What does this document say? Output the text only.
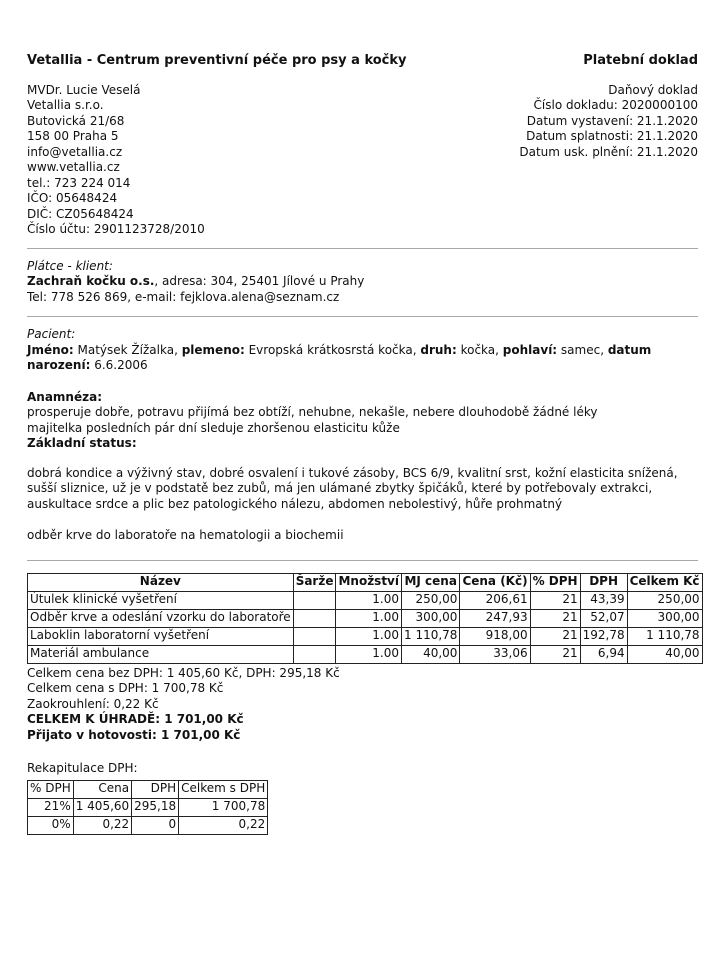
Vetallia - Centrum preventivní péče pro psy a kočky	Platební doklad
MVDr. Lucie Veselá
Vetallia s.r.o.
Butovická 21/68
158 00 Praha 5
info@vetallia.cz
www.vetallia.cz
tel.: 723 224 014
IČO: 05648424
DIČ: CZ05648424
Číslo účtu: 2901123728/2010
Daňový doklad
Číslo dokladu: 2020000100
Datum vystavení: 21.1.2020
Datum splatnosti: 21.1.2020
Datum usk. plnění: 21.1.2020
Plátce - klient:
Zachraň kočku o.s., adresa: 304, 25401 Jílové u Prahy
Tel: 778 526 869, e-mail: fejklova.alena@seznam.cz
Pacient:
Jméno: Matýsek Žížalka, plemeno: Evropská krátkosrstá kočka, druh: kočka, pohlaví: samec, datum narození: 6.6.2006
Anamnéza:
prosperuje dobře, potravu přijímá bez obtíží, nehubne, nekašle, nebere dlouhodobě žádné léky
majitelka posledních pár dní sleduje zhoršenou elasticitu kůže
Základní status:
dobrá kondice a výživný stav, dobré osvalení i tukové zásoby, BCS 6/9, kvalitní srst, kožní elasticita snížená, sušší sliznice, už je v podstatě bez zubů, má jen ulámané zbytky špičáků, které by potřebovaly extrakci, auskultace srdce a plic bez patologického nálezu, abdomen nebolestivý, hůře prohmatný
odběr krve do laboratoře na hematologii a biochemii
Název	Šarže	Množství	MJ cena	Cena (Kč)	% DPH	DPH	Celkem Kč
Útulek klinické vyšetření		1.00	250,00	206,61	21	43,39	250,00
Odběr krve a odeslání vzorku do laboratoře		1.00	300,00	247,93	21	52,07	300,00
Laboklin laboratorní vyšetření		1.00	1 110,78	918,00	21	192,78	1 110,78
Materiál ambulance		1.00	40,00	33,06	21	6,94	40,00
Celkem cena bez DPH: 1 405,60 Kč, DPH: 295,18 Kč
Celkem cena s DPH: 1 700,78 Kč
Zaokrouhlení: 0,22 Kč
CELKEM K ÚHRADĚ: 1 701,00 Kč
Přijato v hotovosti: 1 701,00 Kč
Rekapitulace DPH:
% DPH	Cena	DPH	Celkem s DPH
21%	1 405,60	295,18	1 700,78
0%	0,22	0	0,22
